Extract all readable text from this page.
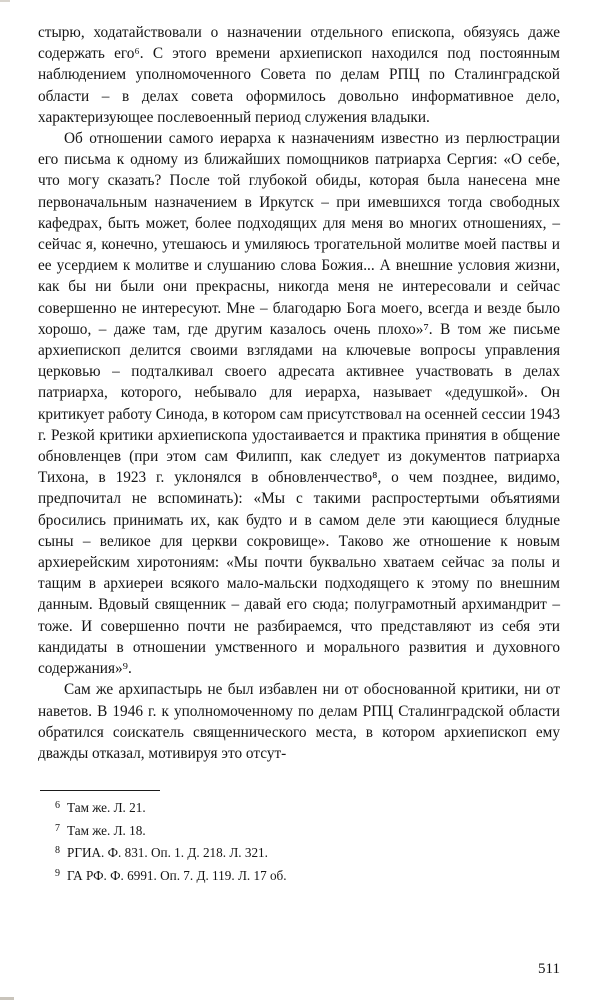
стырю, ходатайствовали о назначении отдельного епископа, обязуясь даже содержать его⁶. С этого времени архиепископ находился под постоянным наблюдением уполномоченного Совета по делам РПЦ по Сталинградской области – в делах совета оформилось довольно информативное дело, характеризующее послевоенный период служения владыки.

Об отношении самого иерарха к назначениям известно из перлюстрации его письма к одному из ближайших помощников патриарха Сергия: «О себе, что могу сказать? После той глубокой обиды, которая была нанесена мне первоначальным назначением в Иркутск – при имевшихся тогда свободных кафедрах, быть может, более подходящих для меня во многих отношениях, – сейчас я, конечно, утешаюсь и умиляюсь трогательной молитве моей паствы и ее усердием к молитве и слушанию слова Божия... А внешние условия жизни, как бы ни были они прекрасны, никогда меня не интересовали и сейчас совершенно не интересуют. Мне – благодарю Бога моего, всегда и везде было хорошо, – даже там, где другим казалось очень плохо»⁷. В том же письме архиепископ делится своими взглядами на ключевые вопросы управления церковью – подталкивал своего адресата активнее участвовать в делах патриарха, которого, небывало для иерарха, называет «дедушкой». Он критикует работу Синода, в котором сам присутствовал на осенней сессии 1943 г. Резкой критики архиепископа удостаивается и практика принятия в общение обновленцев (при этом сам Филипп, как следует из документов патриарха Тихона, в 1923 г. уклонялся в обновленчество⁸, о чем позднее, видимо, предпочитал не вспоминать): «Мы с такими распростертыми объятиями бросились принимать их, как будто и в самом деле эти кающиеся блудные сыны – великое для церкви сокровище». Таково же отношение к новым архиерейским хиротониям: «Мы почти буквально хватаем сейчас за полы и тащим в архиереи всякого мало-мальски подходящего к этому по внешним данным. Вдовый священник – давай его сюда; полуграмотный архимандрит – тоже. И совершенно почти не разбираемся, что представляют из себя эти кандидаты в отношении умственного и морального развития и духовного содержания»⁹.

Сам же архипастырь не был избавлен ни от обоснованной критики, ни от наветов. В 1946 г. к уполномоченному по делам РПЦ Сталинградской области обратился соискатель священнического места, в котором архиепископ ему дважды отказал, мотивируя это отсут-

6 Там же. Л. 21.
7 Там же. Л. 18.
8 РГИА. Ф. 831. Оп. 1. Д. 218. Л. 321.
9 ГА РФ. Ф. 6991. Оп. 7. Д. 119. Л. 17 об.
511
